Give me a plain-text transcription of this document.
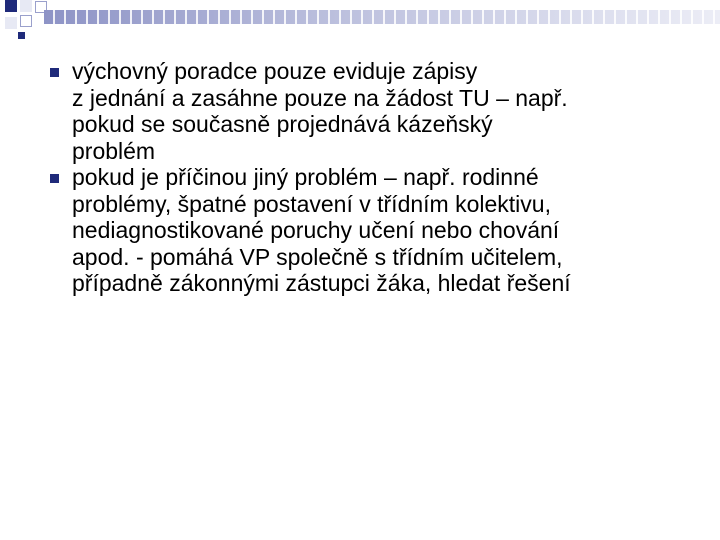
výchovný poradce pouze eviduje zápisy
z jednání a zasáhne pouze na žádost TU – např.
pokud se současně projednává kázeňský
problém
pokud je příčinou jiný problém – např. rodinné
problémy, špatné postavení v třídním kolektivu,
nediagnostikované poruchy učení nebo chování
apod. - pomáhá VP společně s třídním učitelem,
případně zákonnými zástupci žáka, hledat řešení
